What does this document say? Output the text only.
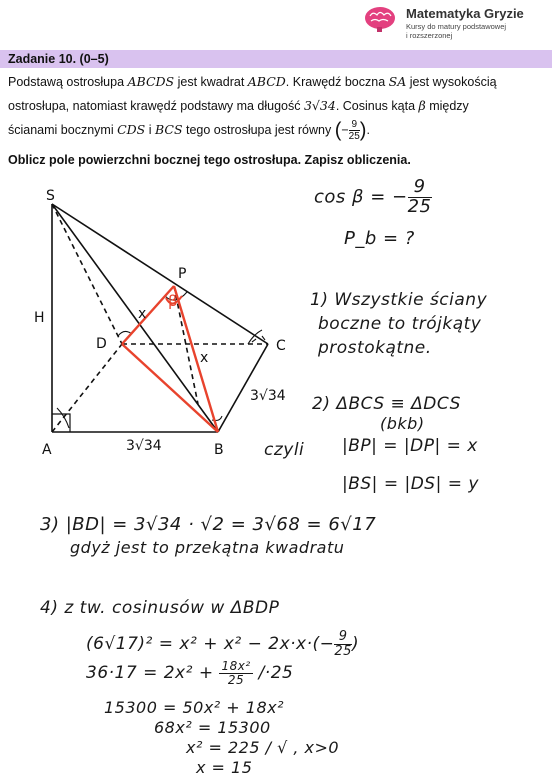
Matematyka Gryzie
Kursy do matury podstawowej
i rozszerzonej
Zadanie 10. (0–5)
Podstawą ostrosłupa ABCDS jest kwadrat ABCD. Krawędź boczna SA jest wysokością
ostrosłupa, natomiast krawędź podstawy ma długość 3√34. Cosinus kąta β między
ścianami bocznymi CDS i BCS tego ostrosłupa jest równy (− $\frac{9}{25}$ ).
Oblicz pole powierzchni bocznej tego ostrosłupa. Zapisz obliczenia.
S
P
D	C
A	B
H	x
x
β
3√34
3√34
cos β = − $\frac{9}{25}$
P_b = ?
1) Wszystkie ściany
boczne to trójkąty
prostokątne.
2) ΔBCS ≡ ΔDCS
(bkb)
czyli |BP| = |DP| = x
|BS| = |DS| = y
3) |BD| = 3√34 · √2 = 3√68 = 6√17
gdyż jest to przekątna kwadratu
4) z tw. cosinusów w ΔBDP
$(6√17)^2 = x^2 + x^2 - 2x\cdot x\cdot(- \frac{9}{25}$ )
$36\cdot 17 = 2x^2 + \frac{\text{18x²}}{25} /\cdot 25$
15300 = 50x² + 18x²
68x² = 15300
x² = 225 / √ , x>0
x = 15
